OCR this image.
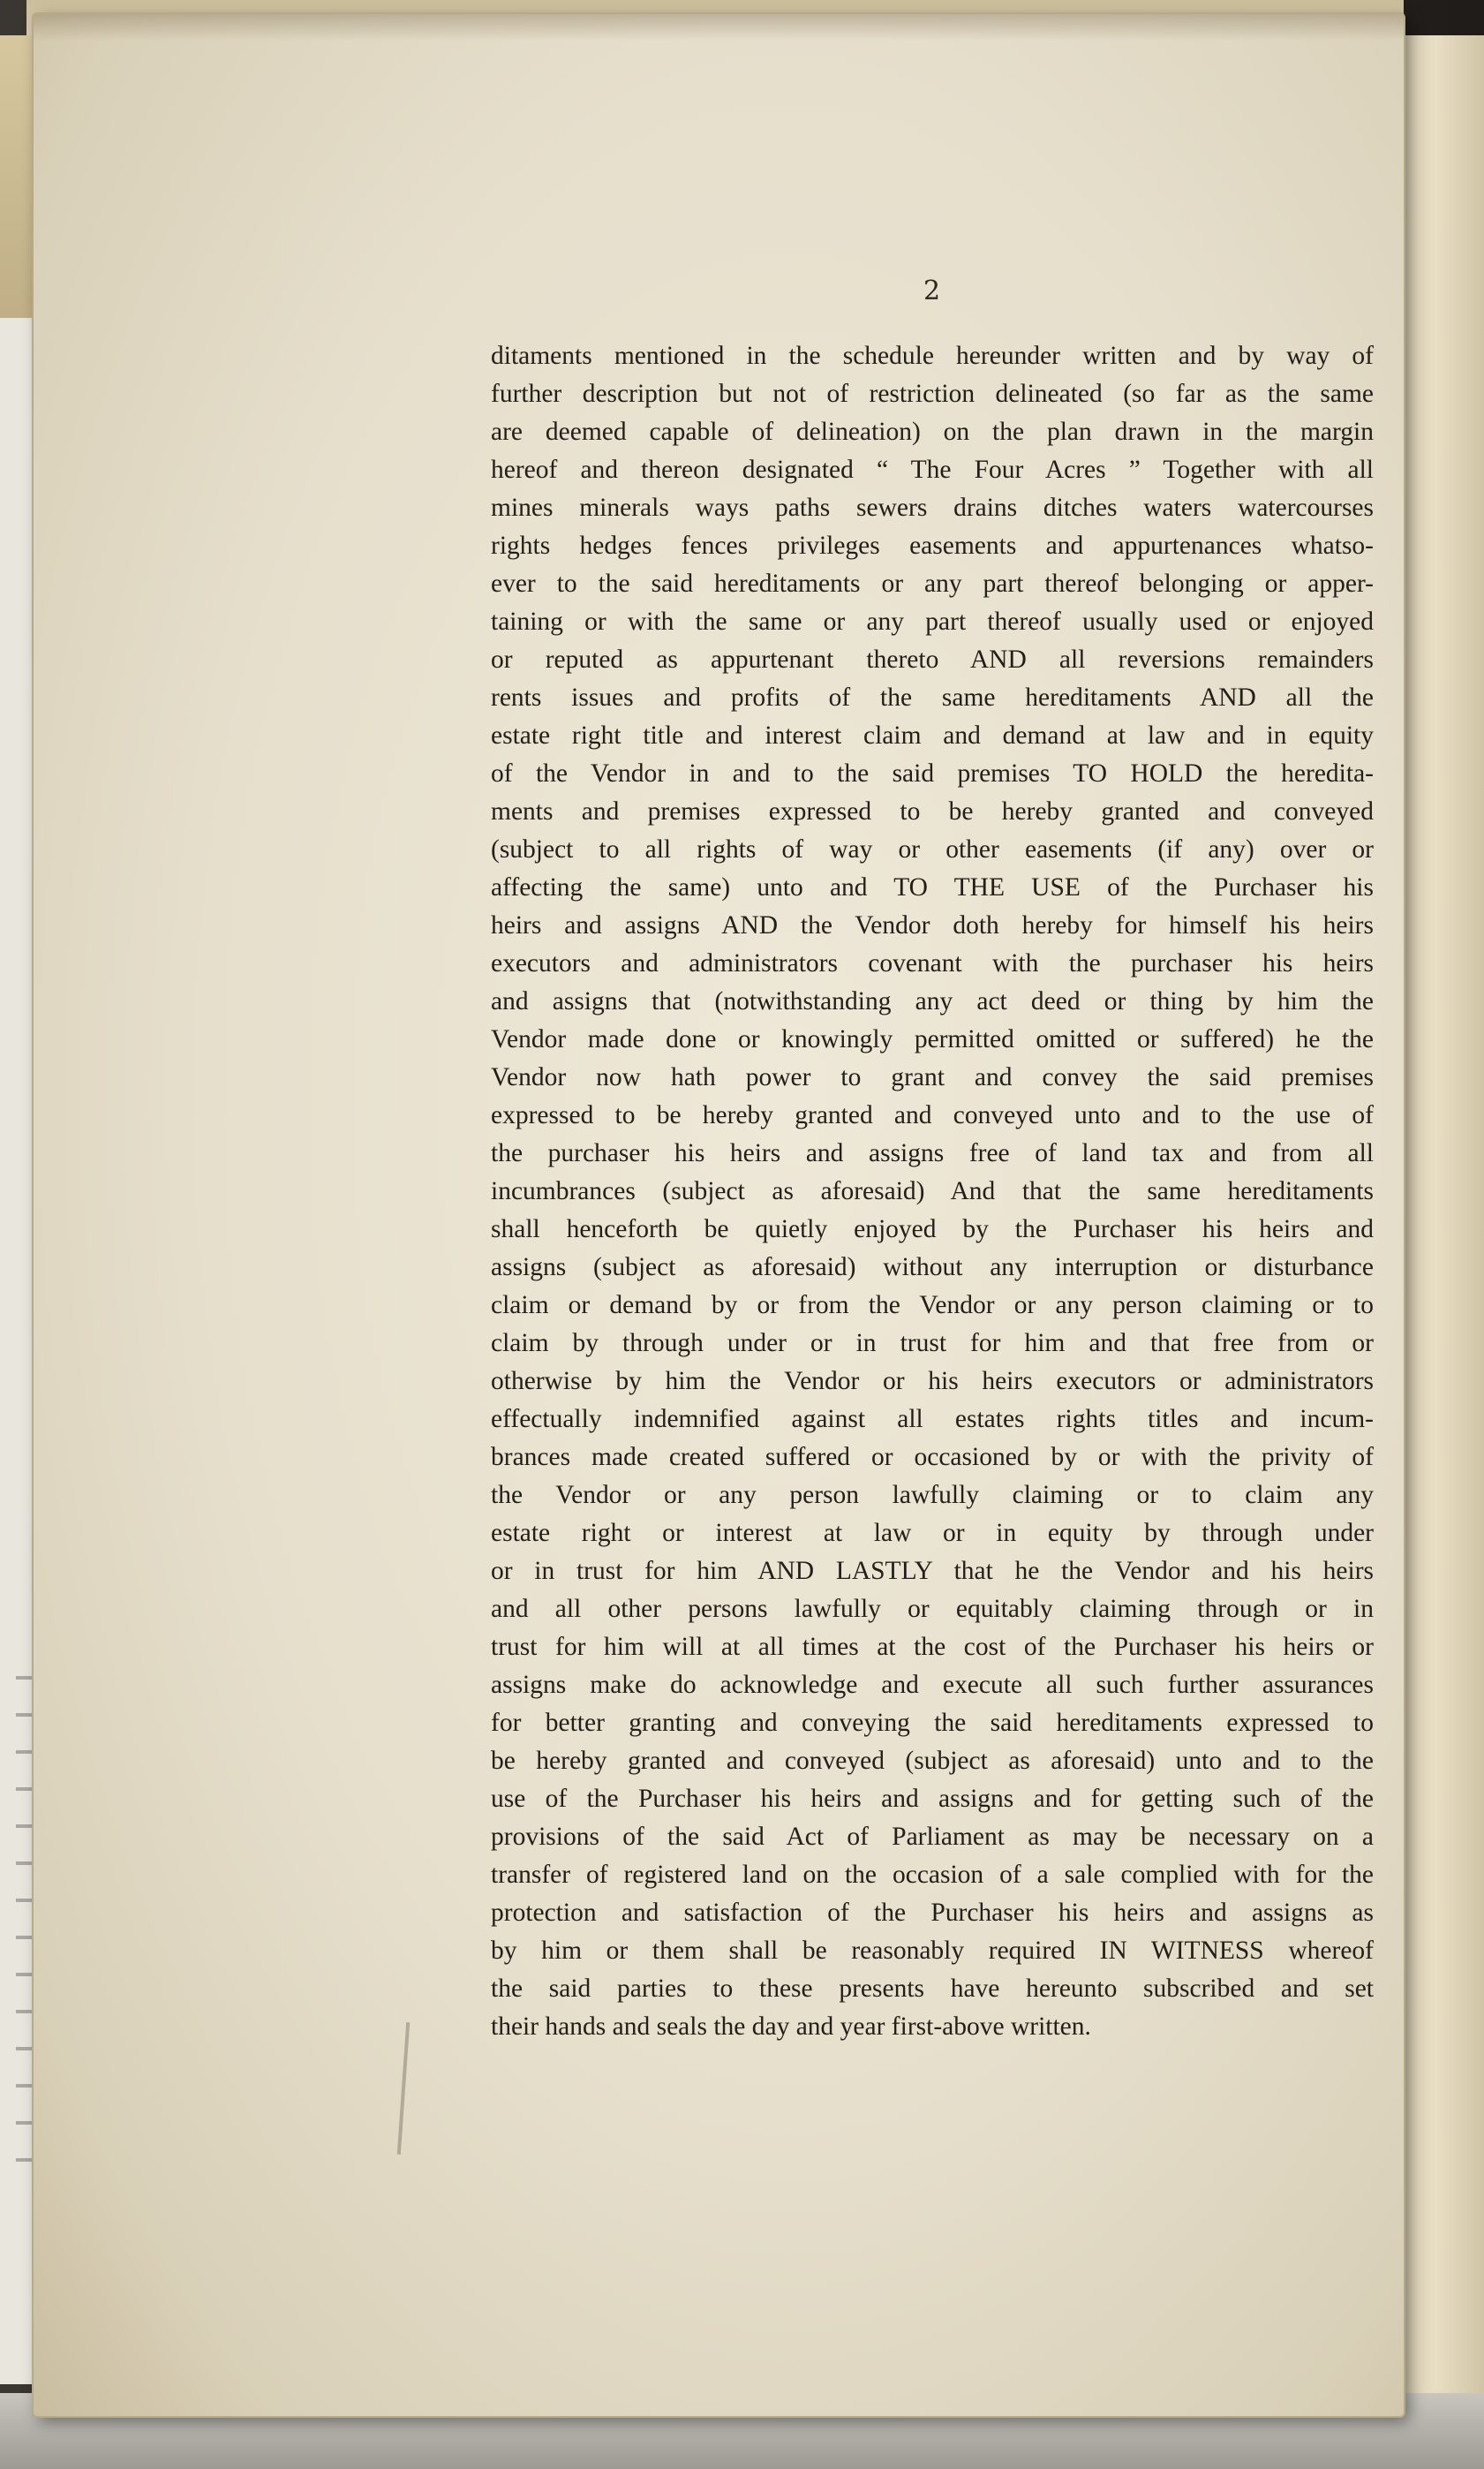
2
ditaments mentioned in the schedule hereunder written and by way of
further description but not of restriction delineated (so far as the same
are deemed capable of delineation) on the plan drawn in the margin
hereof and thereon designated “ The Four Acres ” Together with all
mines minerals ways paths sewers drains ditches waters watercourses
rights hedges fences privileges easements and appurtenances whatso-
ever to the said hereditaments or any part thereof belonging or apper-
taining or with the same or any part thereof usually used or enjoyed
or reputed as appurtenant thereto AND all reversions remainders
rents issues and profits of the same hereditaments AND all the
estate right title and interest claim and demand at law and in equity
of the Vendor in and to the said premises TO HOLD the heredita-
ments and premises expressed to be hereby granted and conveyed
(subject to all rights of way or other easements (if any) over or
affecting the same) unto and TO THE USE of the Purchaser his
heirs and assigns AND the Vendor doth hereby for himself his heirs
executors and administrators covenant with the purchaser his heirs
and assigns that (notwithstanding any act deed or thing by him the
Vendor made done or knowingly permitted omitted or suffered) he the
Vendor now hath power to grant and convey the said premises
expressed to be hereby granted and conveyed unto and to the use of
the purchaser his heirs and assigns free of land tax and from all
incumbrances (subject as aforesaid) And that the same hereditaments
shall henceforth be quietly enjoyed by the Purchaser his heirs and
assigns (subject as aforesaid) without any interruption or disturbance
claim or demand by or from the Vendor or any person claiming or to
claim by through under or in trust for him and that free from or
otherwise by him the Vendor or his heirs executors or administrators
effectually indemnified against all estates rights titles and incum-
brances made created suffered or occasioned by or with the privity of
the Vendor or any person lawfully claiming or to claim any
estate right or interest at law or in equity by through under
or in trust for him AND LASTLY that he the Vendor and his heirs
and all other persons lawfully or equitably claiming through or in
trust for him will at all times at the cost of the Purchaser his heirs or
assigns make do acknowledge and execute all such further assurances
for better granting and conveying the said hereditaments expressed to
be hereby granted and conveyed (subject as aforesaid) unto and to the
use of the Purchaser his heirs and assigns and for getting such of the
provisions of the said Act of Parliament as may be necessary on a
transfer of registered land on the occasion of a sale complied with for the
protection and satisfaction of the Purchaser his heirs and assigns as
by him or them shall be reasonably required IN WITNESS whereof
the said parties to these presents have hereunto subscribed and set
their hands and seals the day and year first-above written.
